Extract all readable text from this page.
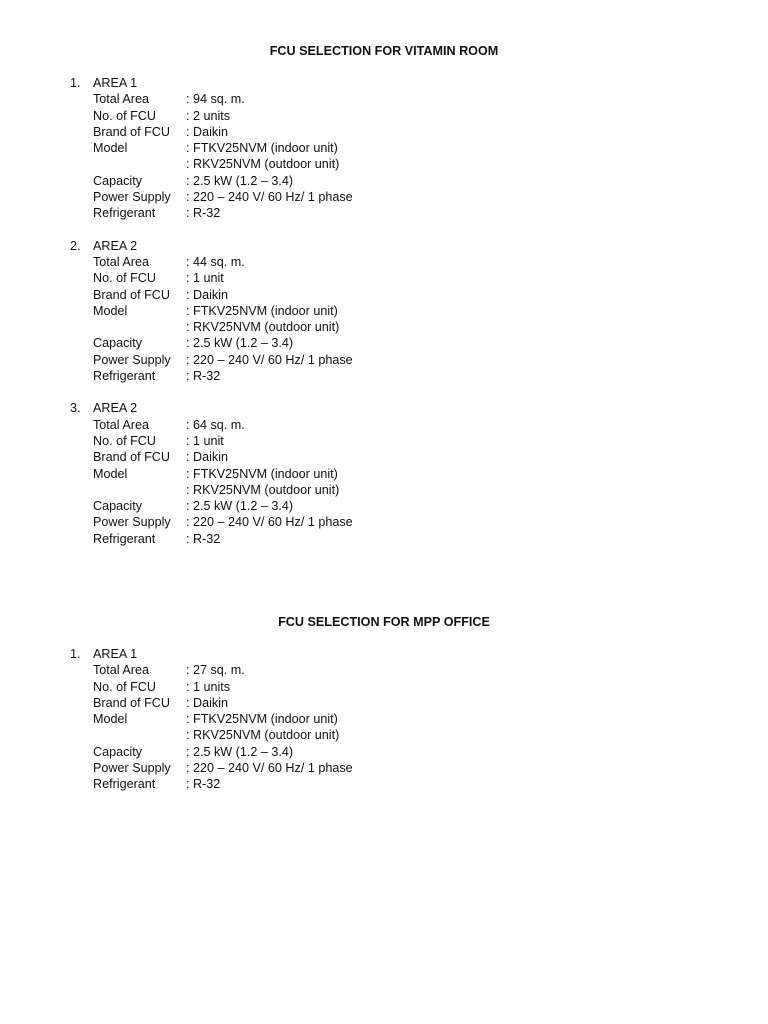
FCU SELECTION FOR VITAMIN ROOM
1. AREA 1
Total Area	: 94 sq. m.
No. of FCU : 2 units
Brand of FCU : Daikin
Model	: FTKV25NVM (indoor unit)
: RKV25NVM (outdoor unit)
Capacity	: 2.5 kW (1.2 – 3.4)
Power Supply : 220 – 240 V/ 60 Hz/ 1 phase
Refrigerant : R-32
2. AREA 2
Total Area	: 44 sq. m.
No. of FCU : 1 unit
Brand of FCU : Daikin
Model	: FTKV25NVM (indoor unit)
: RKV25NVM (outdoor unit)
Capacity	: 2.5 kW (1.2 – 3.4)
Power Supply : 220 – 240 V/ 60 Hz/ 1 phase
Refrigerant : R-32
3. AREA 2
Total Area	: 64 sq. m.
No. of FCU : 1 unit
Brand of FCU : Daikin
Model	: FTKV25NVM (indoor unit)
: RKV25NVM (outdoor unit)
Capacity	: 2.5 kW (1.2 – 3.4)
Power Supply : 220 – 240 V/ 60 Hz/ 1 phase
Refrigerant : R-32
FCU SELECTION FOR MPP OFFICE
1. AREA 1
Total Area	: 27 sq. m.
No. of FCU : 1 units
Brand of FCU : Daikin
Model	: FTKV25NVM (indoor unit)
: RKV25NVM (outdoor unit)
Capacity	: 2.5 kW (1.2 – 3.4)
Power Supply : 220 – 240 V/ 60 Hz/ 1 phase
Refrigerant : R-32
